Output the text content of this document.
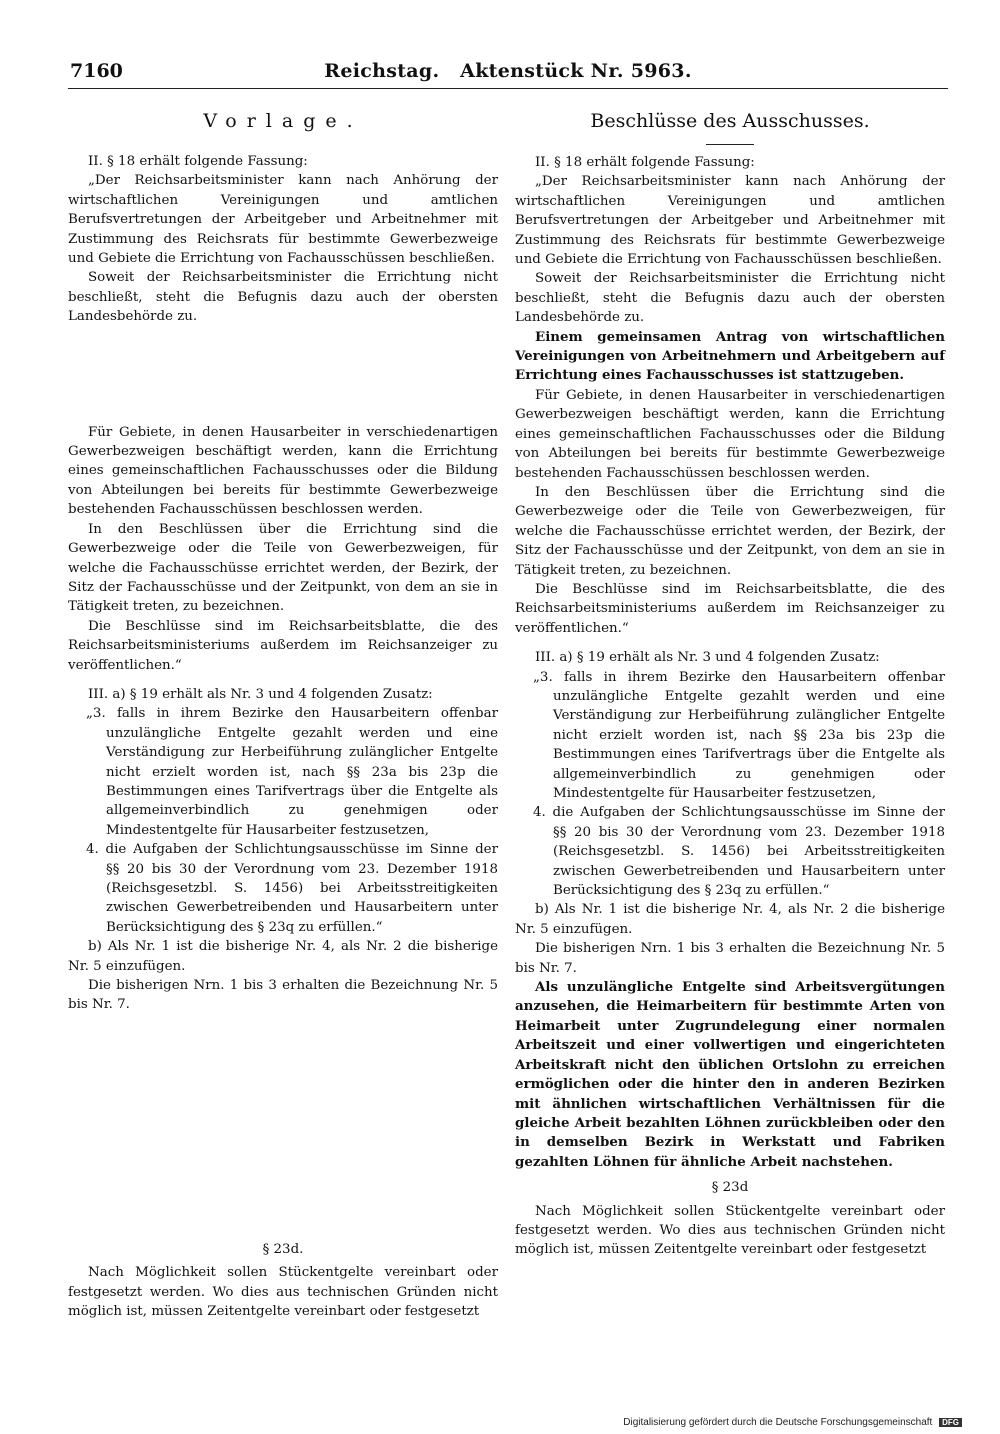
7160	Reichstag.   Aktenstück Nr. 5963.
Vorlage.

II. § 18 erhält folgende Fassung:

„Der Reichsarbeitsminister kann nach Anhörung der wirtschaftlichen Vereinigungen und amtlichen Berufsvertretungen der Arbeitgeber und Arbeitnehmer mit Zustimmung des Reichsrats für bestimmte Gewerbezweige und Gebiete die Errichtung von Fachausschüssen beschließen.

Soweit der Reichsarbeitsminister die Errichtung nicht beschließt, steht die Befugnis dazu auch der obersten Landesbehörde zu.

Für Gebiete, in denen Hausarbeiter in verschiedenartigen Gewerbezweigen beschäftigt werden, kann die Errichtung eines gemeinschaftlichen Fachausschusses oder die Bildung von Abteilungen bei bereits für bestimmte Gewerbezweige bestehenden Fachausschüssen beschlossen werden.

In den Beschlüssen über die Errichtung sind die Gewerbezweige oder die Teile von Gewerbezweigen, für welche die Fachausschüsse errichtet werden, der Bezirk, der Sitz der Fachausschüsse und der Zeitpunkt, von dem an sie in Tätigkeit treten, zu bezeichnen.

Die Beschlüsse sind im Reichsarbeitsblatte, die des Reichsarbeitsministeriums außerdem im Reichsanzeiger zu veröffentlichen.“

III. a) § 19 erhält als Nr. 3 und 4 folgenden Zusatz:

„3. falls in ihrem Bezirke den Hausarbeitern offenbar unzulängliche Entgelte gezahlt werden und eine Verständigung zur Herbeiführung zulänglicher Entgelte nicht erzielt worden ist, nach §§ 23a bis 23p die Bestimmungen eines Tarifvertrags über die Entgelte als allgemeinverbindlich zu genehmigen oder Mindestentgelte für Hausarbeiter festzusetzen,

4. die Aufgaben der Schlichtungsausschüsse im Sinne der §§ 20 bis 30 der Verordnung vom 23. Dezember 1918 (Reichsgesetzbl. S. 1456) bei Arbeitsstreitigkeiten zwischen Gewerbetreibenden und Hausarbeitern unter Berücksichtigung des § 23q zu erfüllen.“

b) Als Nr. 1 ist die bisherige Nr. 4, als Nr. 2 die bisherige Nr. 5 einzufügen.

Die bisherigen Nrn. 1 bis 3 erhalten die Bezeichnung Nr. 5 bis Nr. 7.

§ 23d.

Nach Möglichkeit sollen Stückentgelte vereinbart oder festgesetzt werden. Wo dies aus technischen Gründen nicht möglich ist, müssen Zeitentgelte vereinbart oder festgesetzt

Beschlüsse des Ausschusses.

II. § 18 erhält folgende Fassung:

„Der Reichsarbeitsminister kann nach Anhörung der wirtschaftlichen Vereinigungen und amtlichen Berufsvertretungen der Arbeitgeber und Arbeitnehmer mit Zustimmung des Reichsrats für bestimmte Gewerbezweige und Gebiete die Errichtung von Fachausschüssen beschließen.

Soweit der Reichsarbeitsminister die Errichtung nicht beschließt, steht die Befugnis dazu auch der obersten Landesbehörde zu.

Einem gemeinsamen Antrag von wirtschaftlichen Vereinigungen von Arbeitnehmern und Arbeitgebern auf Errichtung eines Fachausschusses ist stattzugeben.

Für Gebiete, in denen Hausarbeiter in verschiedenartigen Gewerbezweigen beschäftigt werden, kann die Errichtung eines gemeinschaftlichen Fachausschusses oder die Bildung von Abteilungen bei bereits für bestimmte Gewerbezweige bestehenden Fachausschüssen beschlossen werden.

In den Beschlüssen über die Errichtung sind die Gewerbezweige oder die Teile von Gewerbezweigen, für welche die Fachausschüsse errichtet werden, der Bezirk, der Sitz der Fachausschüsse und der Zeitpunkt, von dem an sie in Tätigkeit treten, zu bezeichnen.

Die Beschlüsse sind im Reichsarbeitsblatte, die des Reichsarbeitsministeriums außerdem im Reichsanzeiger zu veröffentlichen.“

III. a) § 19 erhält als Nr. 3 und 4 folgenden Zusatz:

„3. falls in ihrem Bezirke den Hausarbeitern offenbar unzulängliche Entgelte gezahlt werden und eine Verständigung zur Herbeiführung zulänglicher Entgelte nicht erzielt worden ist, nach §§ 23a bis 23p die Bestimmungen eines Tarifvertrags über die Entgelte als allgemeinverbindlich zu genehmigen oder Mindestentgelte für Hausarbeiter festzusetzen,

4. die Aufgaben der Schlichtungsausschüsse im Sinne der §§ 20 bis 30 der Verordnung vom 23. Dezember 1918 (Reichsgesetzbl. S. 1456) bei Arbeitsstreitigkeiten zwischen Gewerbetreibenden und Hausarbeitern unter Berücksichtigung des § 23q zu erfüllen.“

b) Als Nr. 1 ist die bisherige Nr. 4, als Nr. 2 die bisherige Nr. 5 einzufügen.

Die bisherigen Nrn. 1 bis 3 erhalten die Bezeichnung Nr. 5 bis Nr. 7.

Als unzulängliche Entgelte sind Arbeitsvergütungen anzusehen, die Heimarbeitern für bestimmte Arten von Heimarbeit unter Zugrundelegung einer normalen Arbeitszeit und einer vollwertigen und eingerichteten Arbeitskraft nicht den üblichen Ortslohn zu erreichen ermöglichen oder die hinter den in anderen Bezirken mit ähnlichen wirtschaftlichen Verhältnissen für die gleiche Arbeit bezahlten Löhnen zurückbleiben oder den in demselben Bezirk in Werkstatt und Fabriken gezahlten Löhnen für ähnliche Arbeit nachstehen.

§ 23d

Nach Möglichkeit sollen Stückentgelte vereinbart oder festgesetzt werden. Wo dies aus technischen Gründen nicht möglich ist, müssen Zeitentgelte vereinbart oder festgesetzt

Digitalisierung gefördert durch die Deutsche Forschungsgemeinschaft DFG
